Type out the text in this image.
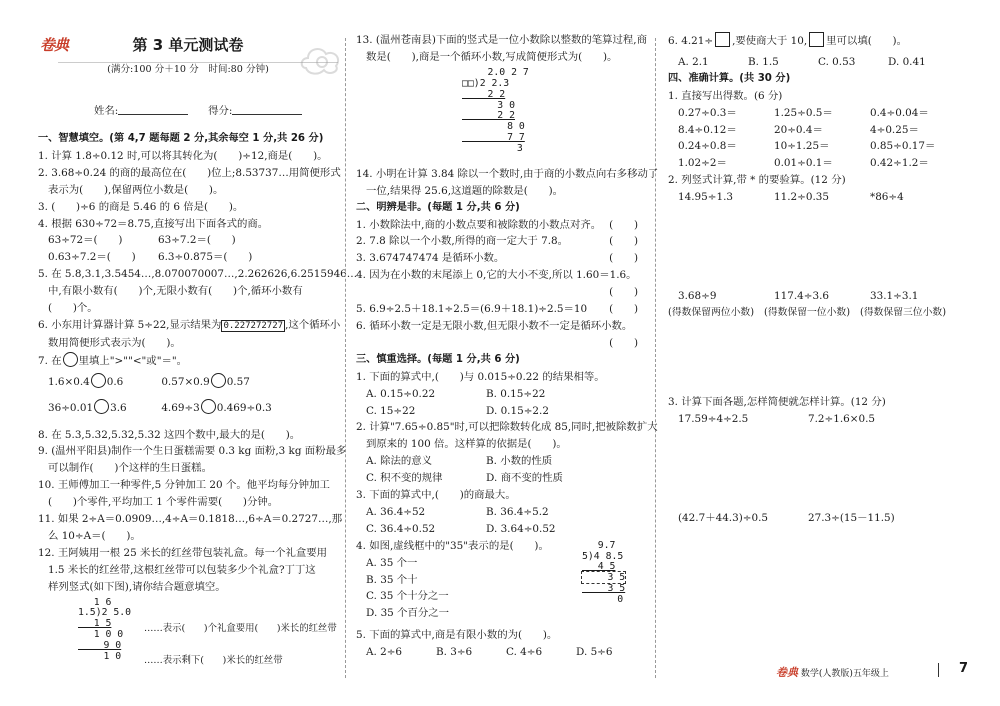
卷典	第 3 单元测试卷
(满分:100 分＋10 分　时间:80 分钟)
姓名:	得分:
一、智慧填空。(第 4,7 题每题 2 分,其余每空 1 分,共 26 分)
1. 计算 1.8÷0.12 时,可以将其转化为(　　)÷12,商是(　　)。
2. 3.68÷0.24 的商的最高位在(　　)位上;8.53737…用简便形式
表示为(　　),保留两位小数是(　　)。
3. (　　)÷6 的商是 5.46 的 6 倍是(　　)。
4. 根据 630÷72＝8.75,直接写出下面各式的商。
63÷72＝(　　)	63÷7.2＝(　　)
0.63÷7.2＝(　　) 6.3÷0.875＝(　　)
5. 在 5.8,3.1,3.5454…,8.070070007…,2.262626,6.2515946…
中,有限小数有(　　)个,无限小数有(　　)个,循环小数有
(　　)个。
6. 小东用计算器计算 5÷22,显示结果为 0.227272727 ,这个循环小
数用简便形式表示为(　　)。
7. 在 里填上">""<"或"＝"。
1.6×0.4 0.6	0.57×0.9 0.57
36÷0.01 3.6	4.69÷3 0.469÷0.3
8. 在 5.3,5.32,5.32,5.32 这四个数中,最大的是(　　)。
9. (温州平阳县)制作一个生日蛋糕需要 0.3 kg 面粉,3 kg 面粉最多
可以制作(　　)个这样的生日蛋糕。
10. 王师傅加工一种零件,5 分钟加工 20 个。他平均每分钟加工
(　　)个零件,平均加工 1 个零件需要(　　)分钟。
11. 如果 2÷A＝0.0909…,4÷A＝0.1818…,6÷A＝0.2727…,那
么 10÷A＝(　　)。
12. 王阿姨用一根 25 米长的红丝带包装礼盒。每一个礼盒要用
1.5 米长的红丝带,这根红丝带可以包装多少个礼盒?丁丁这
样列竖式(如下图),请你结合题意填空。
　 1 6
1.5)2 5.0
　 1 5
　 1 0 0
　　 9 0
　　 1 0
……表示(　　)个礼盒要用(　　)米长的红丝带
……表示剩下(　　)米长的红丝带
13. (温州苍南县)下面的竖式是一位小数除以整数的笔算过程,商
数是(　　),商是一个循环小数,写成简便形式为(　　)。
　　 2.0 2 7
□□)2 2.3
　　 2 2
　　　 3 0
　　　 2 2
　　　　 8 0
　　　　 7 7
　　　　　 3
14. 小明在计算 3.84 除以一个数时,由于商的小数点向右多移动了
一位,结果得 25.6,这道题的除数是(　　)。
二、明辨是非。(每题 1 分,共 6 分)
1. 小数除法中,商的小数点要和被除数的小数点对齐。 (　　)
2. 7.8 除以一个小数,所得的商一定大于 7.8。	(　　)
3. 3.674747474 是循环小数。	(　　)
4. 因为在小数的末尾添上 0,它的大小不变,所以 1.60＝1.6。
(　　)

5. 6.9÷2.5＋18.1÷2.5＝(6.9＋18.1)÷2.5＝10 (　　)
6. 循环小数一定是无限小数,但无限小数不一定是循环小数。
(　　)

三、慎重选择。(每题 1 分,共 6 分)
1. 下面的算式中,(　　)与 0.015÷0.22 的结果相等。
A. 0.15÷0.22	B. 0.15÷22
C. 15÷22	D. 0.15÷2.2
2. 计算"7.65÷0.85"时,可以把除数转化成 85,同时,把被除数扩大
到原来的 100 倍。这样算的依据是(　　)。
A. 除法的意义	B. 小数的性质
C. 积不变的规律	D. 商不变的性质
3. 下面的算式中,(　　)的商最大。
A. 36.4÷52	B. 36.4÷5.2
C. 36.4÷0.52	D. 3.64÷0.52
4. 如图,虚线框中的"35"表示的是(　　)。
A. 35 个一
B. 35 个十
C. 35 个十分之一
D. 35 个百分之一
　 9.7
5)4 8.5
　 4 5
　　 3 5
　　 3 5
　　　 0
5. 下面的算式中,商是有限小数的为(　　)。
A. 2÷6	B. 3÷6	C. 4÷6	D. 5÷6
6. 4.21÷ ,要使商大于 10, 里可以填(　　)。
A. 2.1	B. 1.5	C. 0.53	D. 0.41
四、准确计算。(共 30 分)
1. 直接写出得数。(6 分)
0.27÷0.3＝	1.25÷0.5＝	0.4÷0.04＝
8.4÷0.12＝	20÷0.4＝	4÷0.25＝
0.24÷0.8＝	10÷1.25＝	0.85÷0.17＝
1.02÷2＝	0.01÷0.1＝	0.42÷1.2＝
2. 列竖式计算,带 * 的要验算。(12 分)
14.95÷1.3	11.2÷0.35	*86÷4
3.68÷9	117.4÷3.6	33.1÷3.1
(得数保留两位小数) (得数保留一位小数) (得数保留三位小数)
3. 计算下面各题,怎样简便就怎样计算。(12 分)
17.59÷4÷2.5	7.2÷1.6×0.5
(42.7＋44.3)÷0.5	27.3÷(15－11.5)
卷典 数学(人教版)五年级上	7
